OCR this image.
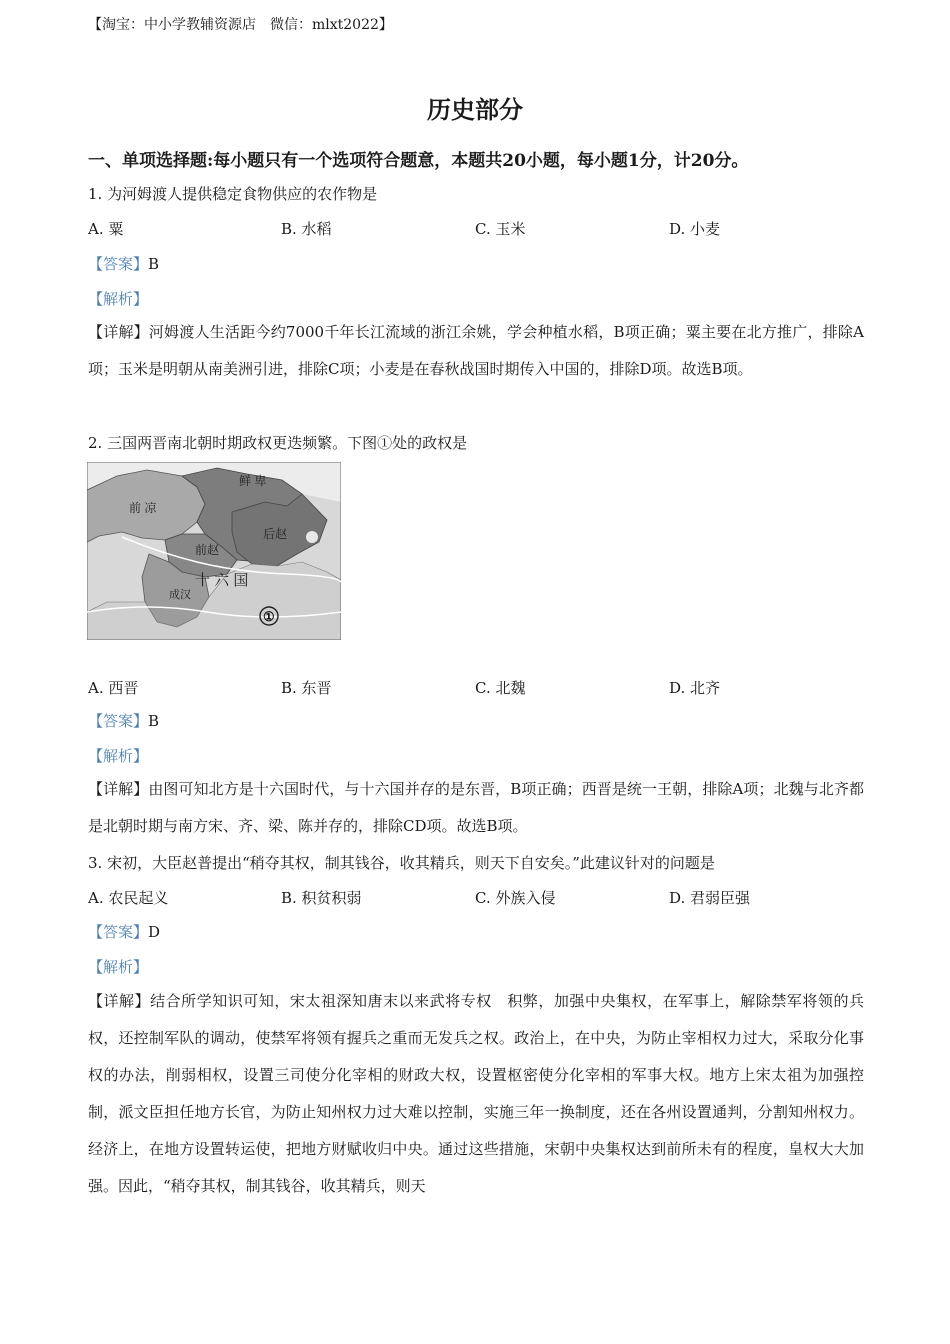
【淘宝：中小学教辅资源店　微信：mlxt2022】
历史部分
一、单项选择题:每小题只有一个选项符合题意，本题共20小题，每小题1分，计20分。
1. 为河姆渡人提供稳定食物供应的农作物是
A. 粟	B. 水稻	C. 玉米	D. 小麦
【答案】B
【解析】
【详解】河姆渡人生活距今约7000千年长江流域的浙江余姚，学会种植水稻，B项正确；粟主要在北方推广，排除A项；玉米是明朝从南美洲引进，排除C项；小麦是在春秋战国时期传入中国的，排除D项。故选B项。
2. 三国两晋南北朝时期政权更迭频繁。下图①处的政权是
鲜 卑
前 凉
前赵
后赵
十 六 国
成汉
①
A. 西晋	B. 东晋	C. 北魏	D. 北齐
【答案】B
【解析】
【详解】由图可知北方是十六国时代，与十六国并存的是东晋，B项正确；西晋是统一王朝，排除A项；北魏与北齐都是北朝时期与南方宋、齐、梁、陈并存的，排除CD项。故选B项。
3. 宋初，大臣赵普提出“稍夺其权，制其钱谷，收其精兵，则天下自安矣。”此建议针对的问题是
A. 农民起义	B. 积贫积弱	C. 外族入侵	D. 君弱臣强
【答案】D
【解析】
【详解】结合所学知识可知，宋太祖深知唐末以来武将专权　积弊，加强中央集权，在军事上，解除禁军将领的兵权，还控制军队的调动，使禁军将领有握兵之重而无发兵之权。政治上，在中央，为防止宰相权力过大，采取分化事权的办法，削弱相权，设置三司使分化宰相的财政大权，设置枢密使分化宰相的军事大权。地方上宋太祖为加强控制，派文臣担任地方长官，为防止知州权力过大难以控制，实施三年一换制度，还在各州设置通判，分割知州权力。经济上，在地方设置转运使，把地方财赋收归中央。通过这些措施，宋朝中央集权达到前所未有的程度，皇权大大加强。因此，“稍夺其权，制其钱谷，收其精兵，则天
